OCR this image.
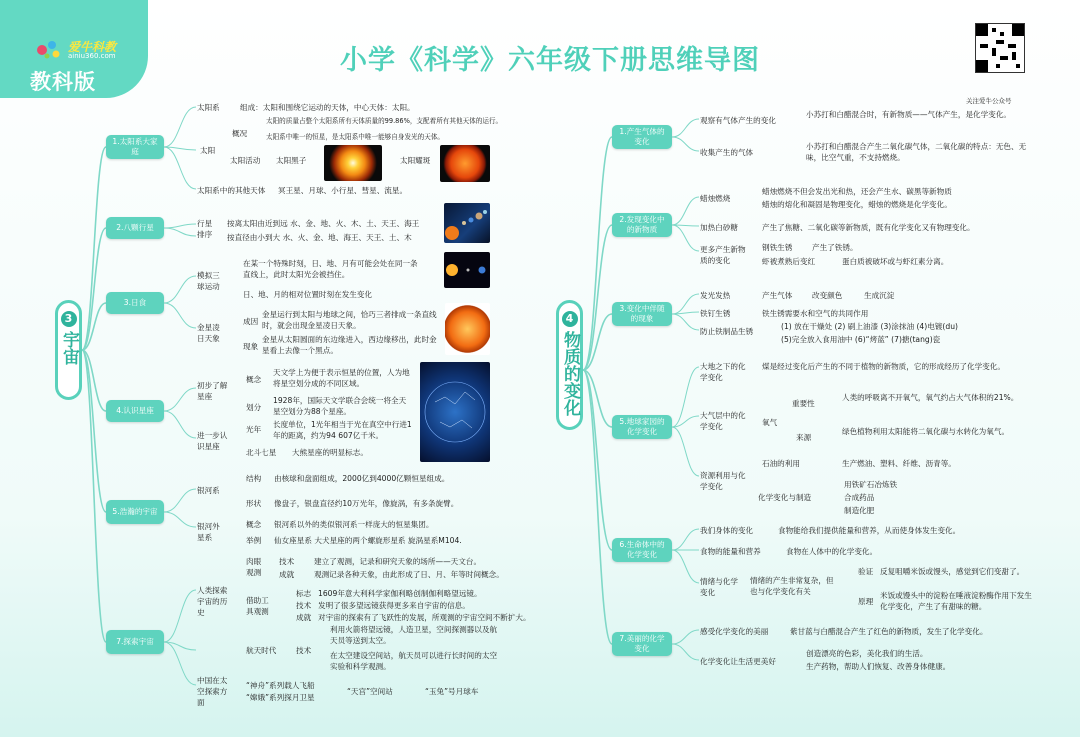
爱牛科教
ainiu360.com
教科版
小学《科学》六年级下册思维导图
关注爱牛公众号
3
宇宙
4
物质的变化
1.太阳系大家庭
2.八颗行星
3.日食
4.认识星座
5.浩瀚的宇宙
7.探索宇宙
太阳系	组成：太阳和围绕它运动的天体，中心天体：太阳。
太阳
概况
太阳的质量占整个太阳系所有天体质量的99.86%，支配着所有其他天体的运行。
太阳系中唯一的恒星，是太阳系中唯一能够自身发光的天体。
太阳活动 太阳黑子	太阳耀斑
太阳系中的其他天体 冥王星、月球、小行星、彗星、流星。
行星排序
按离太阳由近到远 水、金、地、火、木、土、天王、海王
按直径由小到大 水、火、金、地、海王、天王、土、木
模拟三球运动
在某一个特殊时刻，日、地、月有可能会处在同一条直线上，此时太阳光会被挡住。
日、地、月的相对位置时刻在发生变化
金星凌日天象
成因
金星运行到太阳与地球之间，恰巧三者排成一条直线时，就会出现金星凌日天象。
现象
金星从太阳圆面的东边缘进入，西边缘移出，此时金星看上去像一个黑点。
初步了解星座
概念
天文学上为便于表示恒星的位置，人为地将星空划分成的不同区域。
划分
1928年，国际天文学联合会统一将全天星空划分为88个星座。
进一步认识星座
光年
长度单位，1光年相当于光在真空中行进1年的距离，约为94 607亿千米。
北斗七星 大熊星座的明显标志。
银河系
结构 由核球和盘面组成，2000亿到4000亿颗恒星组成。
形状 像盘子，银盘直径约10万光年，像旋涡，有多条旋臂。
银河外星系
概念 银河系以外的类似银河系一样庞大的恒星集团。
举例 仙女座星系 大犬星座的两个螺旋形星系 旋涡星系M104.
人类探索宇宙的历史
肉眼观测
技术	建立了观测，记录和研究天象的场所——天文台。
成就	观测记录各种天象，由此形成了日、月、年等时间概念。
借助工具观测
标志 1609年意大利科学家伽利略创制伽利略望远镜。
技术 发明了很多望远镜获得更多来自宇宙的信息。
成就 对宇宙的探索有了飞跃性的发展，所观测的宇宙空间不断扩大。
航天时代	技术
利用火箭将望远镜，人造卫星，空间探测器以及航天员等送到太空。
在太空建设空间站，航天员可以进行长时间的太空实验和科学观测。
中国在太空探索方面
“神舟”系列载人飞船
“嫦娥”系列探月卫星
“天宫”空间站	“玉兔”号月球车
1.产生气体的变化
2.发现变化中的新物质
3.变化中伴随的现象
5.地球家园的化学变化
6.生命体中的化学变化
7.美丽的化学变化
观察有气体产生的变化
小苏打和白醋混合时，有新物质——气体产生，是化学变化。
收集产生的气体
小苏打和白醋混合产生二氧化碳气体，二氧化碳的特点：无色、无味，比空气重，不支持燃烧。
蜡烛燃烧
蜡烛燃烧不但会发出光和热，还会产生水、碳黑等新物质
蜡烛的熔化和凝固是物理变化，蜡烛的燃烧是化学变化。
加热白砂糖	产生了焦糖、二氧化碳等新物质，既有化学变化又有物理变化。
更多产生新物质的变化
钢铁生锈	产生了铁锈。
虾被煮熟后变红	蛋白质被破坏或与虾红素分离。
发光发热	产生气体	改变颜色	生成沉淀
铁钉生锈	铁生锈需要水和空气的共同作用
防止铁制品生锈
(1) 放在干燥处 (2) 刷上油漆 (3)涂抹油 (4)电镀(du)
(5)完全放入食用油中 (6)“烤蓝” (7)搪(tang)瓷
大地之下的化学变化
煤是经过变化后产生的不同于植物的新物质，它的形成经历了化学变化。
大气层中的化学变化	氧气
重要性
人类的呼吸离不开氧气，氧气约占大气体积的21%。
来源
绿色植物利用太阳能将二氧化碳与水转化为氧气。
资源利用与化学变化
石油的利用	生产燃油、塑料、纤维、沥青等。
化学变化与制造
用铁矿石冶炼铁
合成药品
制造化肥
我们身体的变化	食物能给我们提供能量和营养，从而使身体发生变化。
食物的能量和营养	食物在人体中的化学变化。
情绪与化学变化
情绪的产生非常复杂，但也与化学变化有关
验证 反复咀嚼米饭或馒头，感觉到它们变甜了。
原理
米饭或馒头中的淀粉在唾液淀粉酶作用下发生化学变化，产生了有甜味的糖。
感受化学变化的美丽	紫甘蓝与白醋混合产生了红色的新物质，发生了化学变化。
化学变化让生活更美好
创造漂亮的色彩，美化我们的生活。
生产药物，帮助人们恢复、改善身体健康。
